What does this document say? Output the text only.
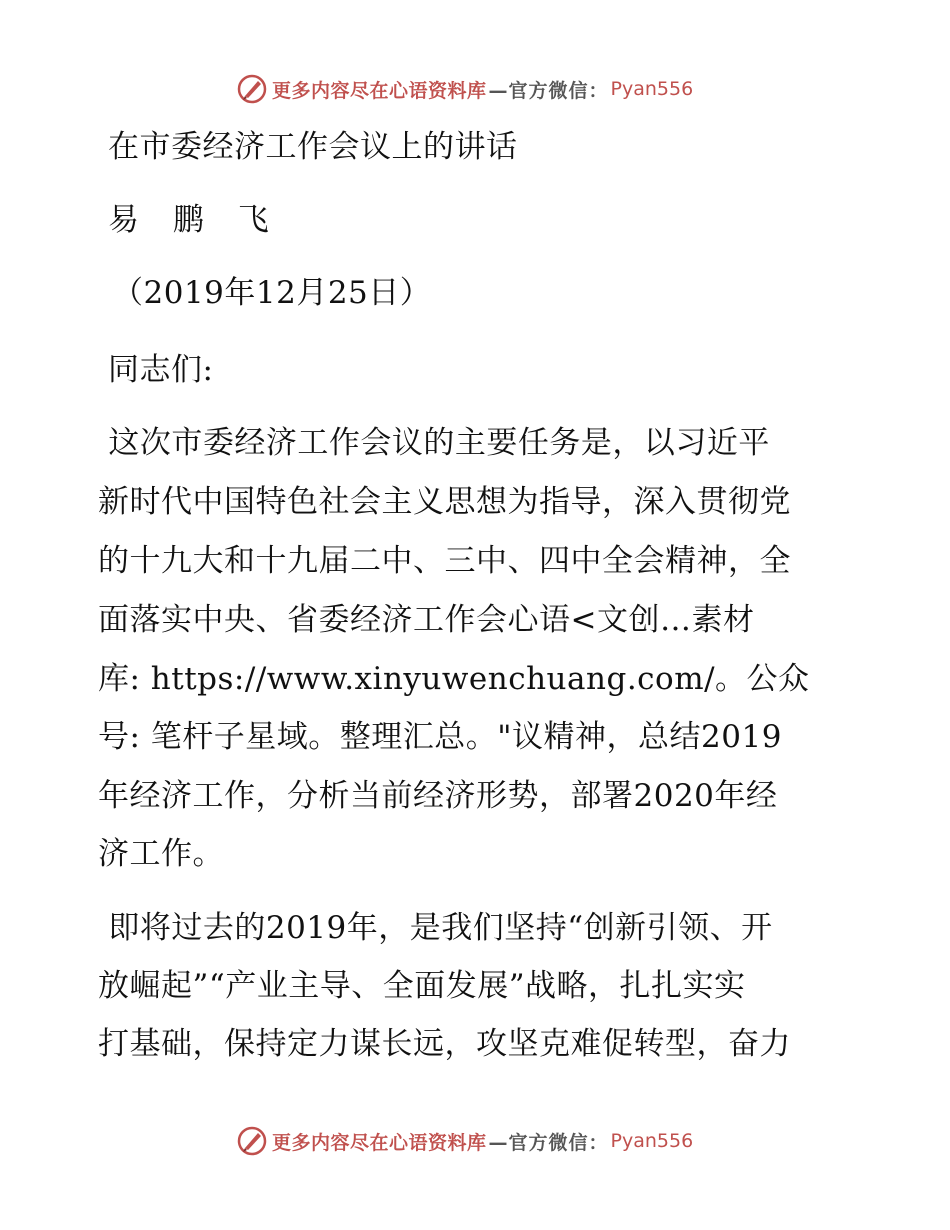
更多内容尽在心语资料库 —官方微信： Pyan556
在市委经济工作会议上的讲话
易 鹏 飞
（2019年12月25日）
同志们:
这次市委经济工作会议的主要任务是，以习近平
新时代中国特色社会主义思想为指导，深入贯彻党
的十九大和十九届二中、三中、四中全会精神，全
面落实中央、省委经济工作会心语<文创…素材
库: https://www.xinyuwenchuang.com/。公众
号: 笔杆子星域。整理汇总。"议精神，总结2019
年经济工作，分析当前经济形势，部署2020年经
济工作。
即将过去的2019年，是我们坚持“创新引领、开
放崛起”“产业主导、全面发展”战略，扎扎实实
打基础，保持定力谋长远，攻坚克难促转型，奋力
更多内容尽在心语资料库 —官方微信： Pyan556
